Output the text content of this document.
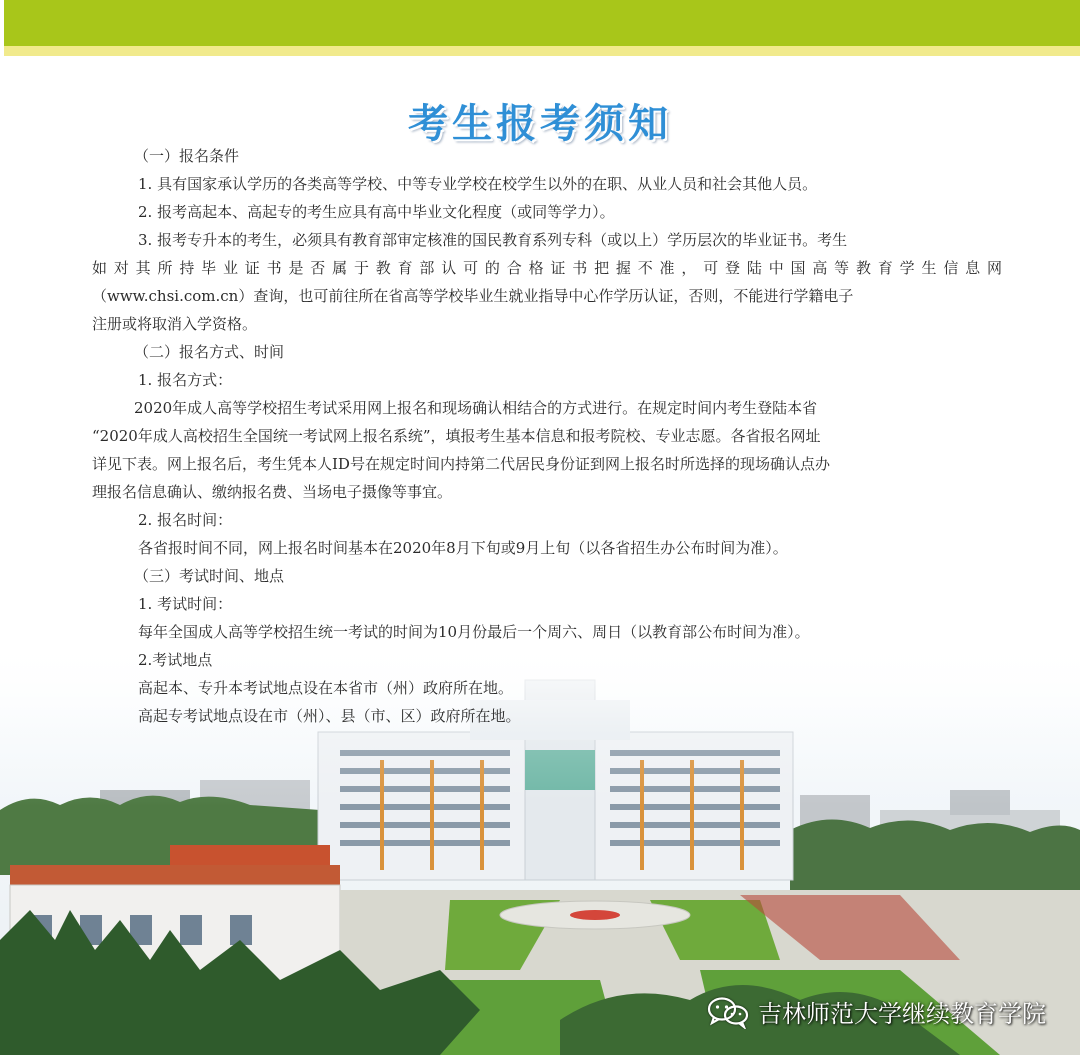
考生报考须知

（一）报名条件

1. 具有国家承认学历的各类高等学校、中等专业学校在校学生以外的在职、从业人员和社会其他人员。

2. 报考高起本、高起专的考生应具有高中毕业文化程度（或同等学力）。

3. 报考专升本的考生，必须具有教育部审定核准的国民教育系列专科（或以上）学历层次的毕业证书。考生

如对其所持毕业证书是否属于教育部认可的合格证书把握不准，可登陆中国高等教育学生信息网

（www.chsi.com.cn）查询，也可前往所在省高等学校毕业生就业指导中心作学历认证，否则，不能进行学籍电子

注册或将取消入学资格。

（二）报名方式、时间

1. 报名方式：

2020年成人高等学校招生考试采用网上报名和现场确认相结合的方式进行。在规定时间内考生登陆本省

“2020年成人高校招生全国统一考试网上报名系统”，填报考生基本信息和报考院校、专业志愿。各省报名网址

详见下表。网上报名后，考生凭本人ID号在规定时间内持第二代居民身份证到网上报名时所选择的现场确认点办

理报名信息确认、缴纳报名费、当场电子摄像等事宜。

2. 报名时间：

各省报时间不同，网上报名时间基本在2020年8月下旬或9月上旬（以各省招生办公布时间为准）。

（三）考试时间、地点

1. 考试时间：

每年全国成人高等学校招生统一考试的时间为10月份最后一个周六、周日（以教育部公布时间为准）。

2.考试地点

高起本、专升本考试地点设在本省市（州）政府所在地。

高起专考试地点设在市（州）、县（市、区）政府所在地。

吉林师范大学继续教育学院
